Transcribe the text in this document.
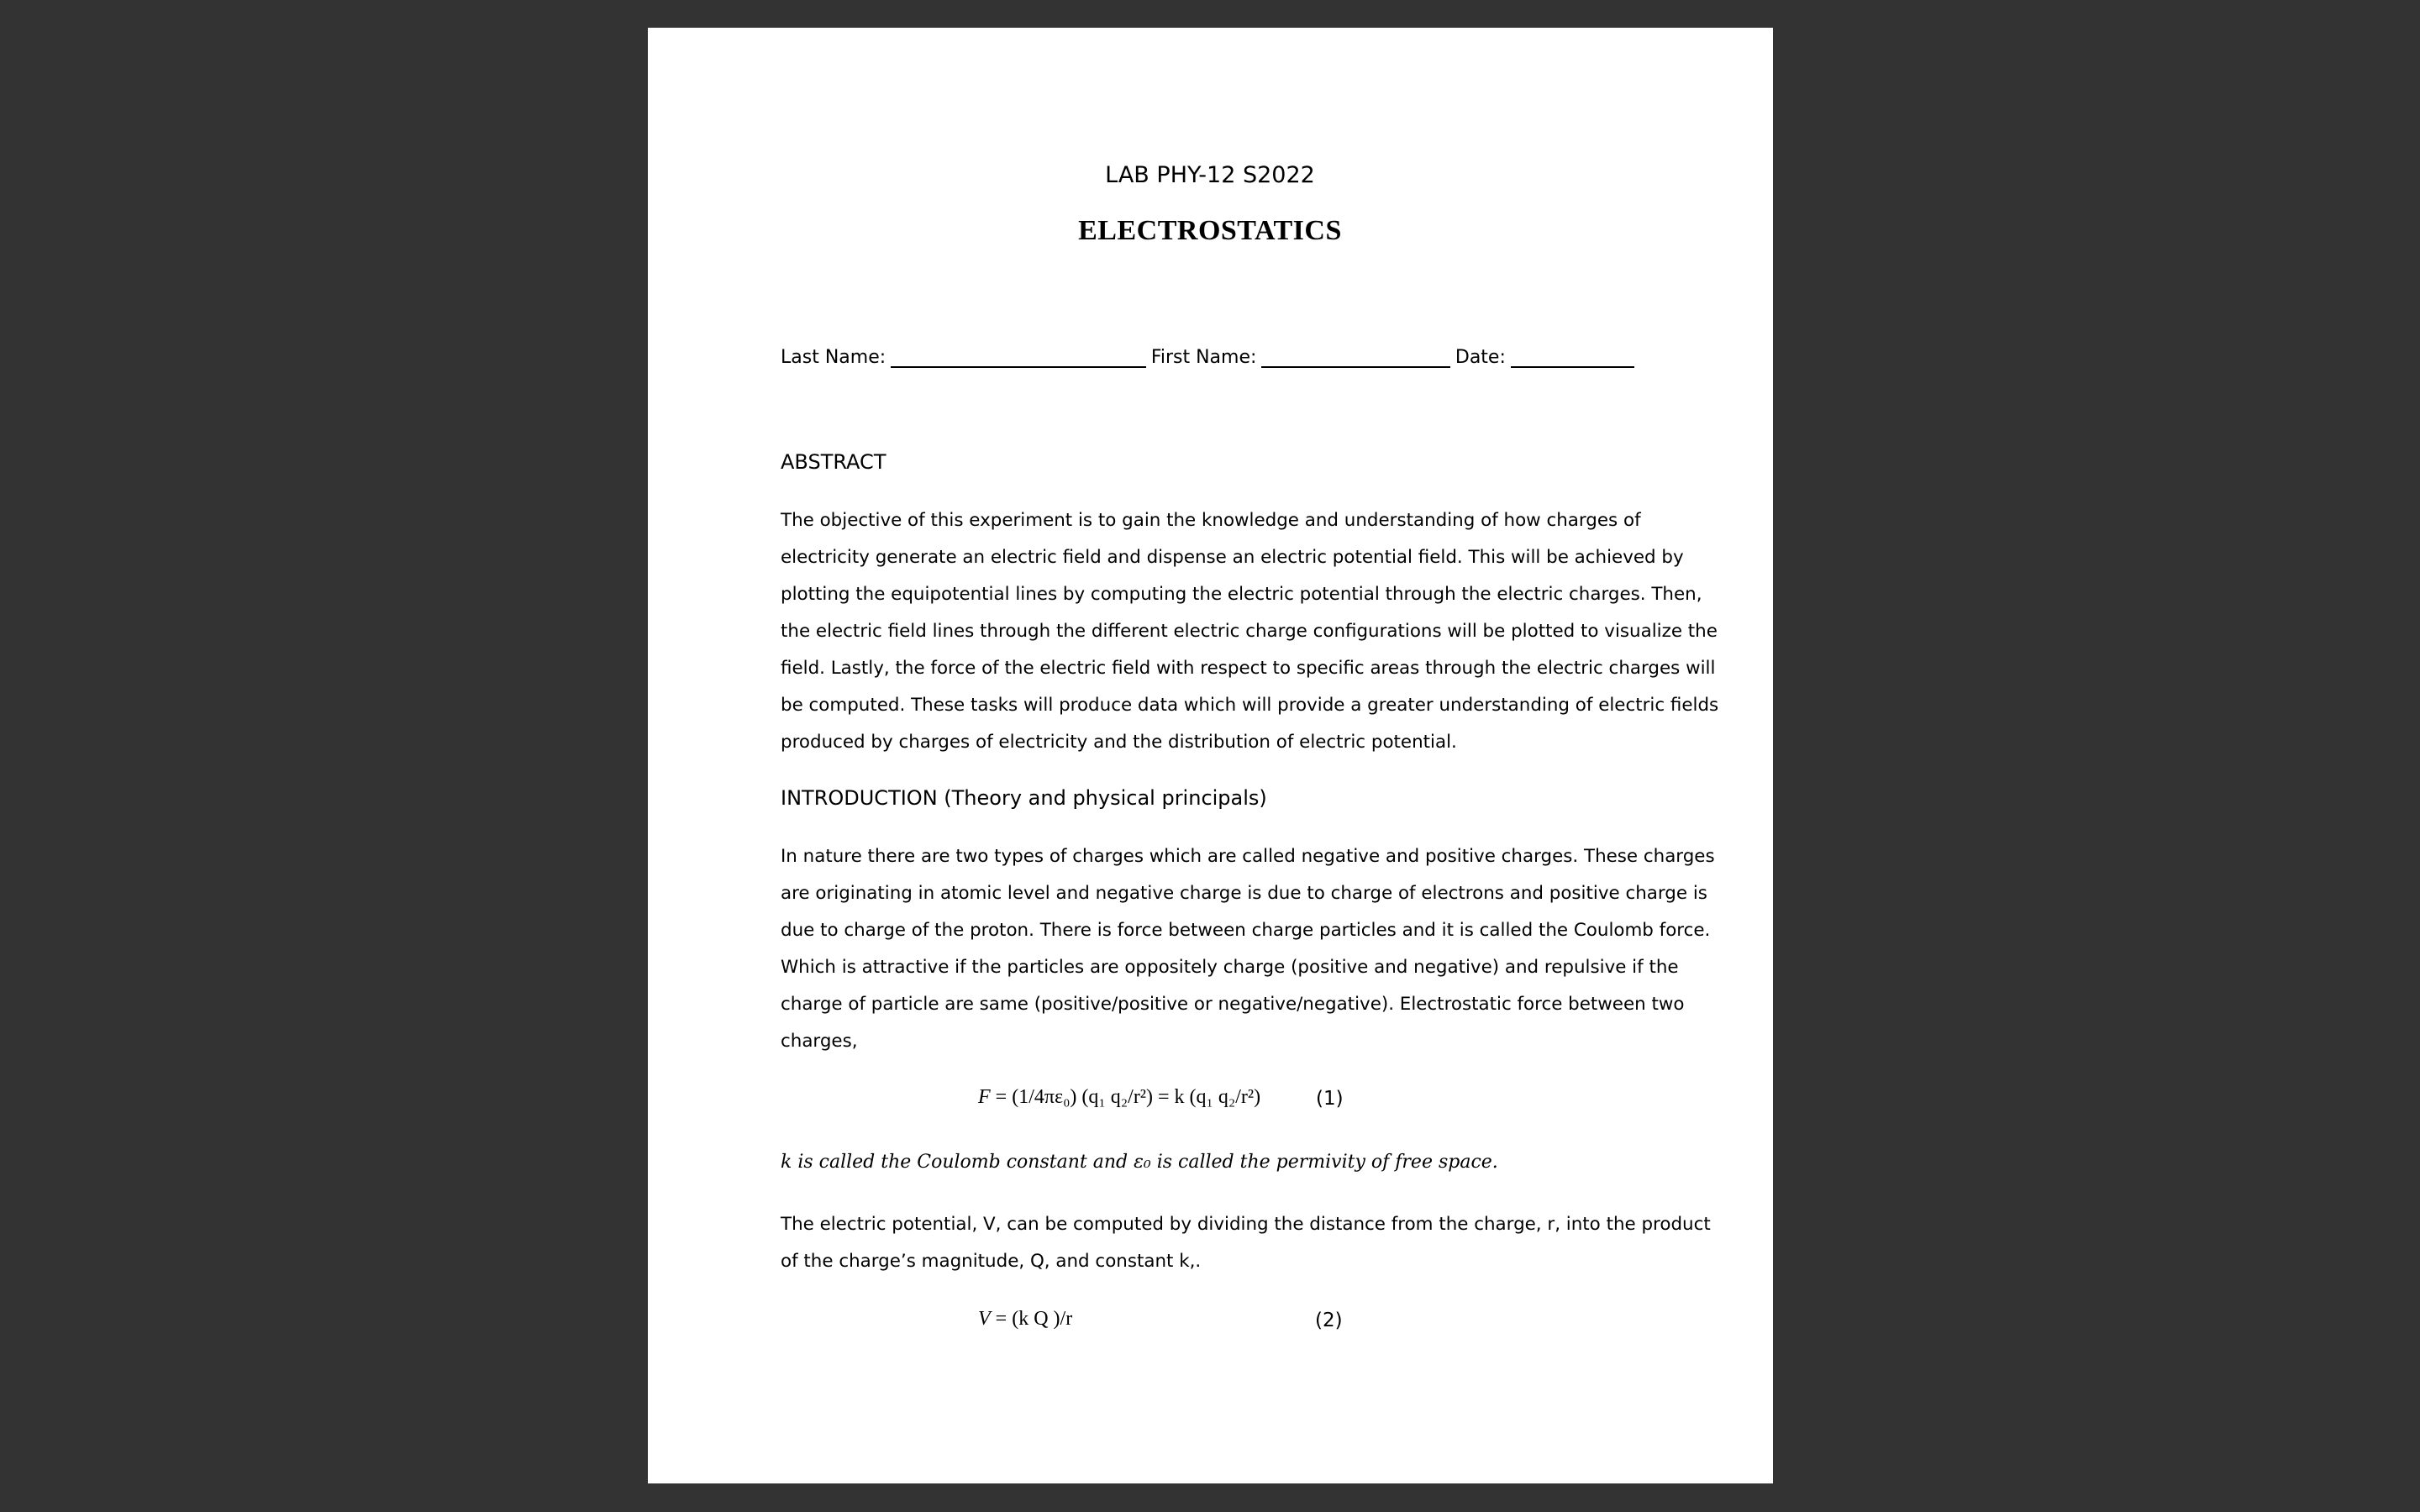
LAB PHY-12 S2022
ELECTROSTATICS
Last Name:	First Name:	Date:
ABSTRACT
The objective of this experiment is to gain the knowledge and understanding of how charges of
electricity generate an electric field and dispense an electric potential field. This will be achieved by
plotting the equipotential lines by computing the electric potential through the electric charges. Then,
the electric field lines through the different electric charge configurations will be plotted to visualize the
field. Lastly, the force of the electric field with respect to specific areas through the electric charges will
be computed. These tasks will produce data which will provide a greater understanding of electric fields
produced by charges of electricity and the distribution of electric potential.
INTRODUCTION (Theory and physical principals)
In nature there are two types of charges which are called negative and positive charges. These charges
are originating in atomic level and negative charge is due to charge of electrons and positive charge is
due to charge of the proton. There is force between charge particles and it is called the Coulomb force.
Which is attractive if the particles are oppositely charge (positive and negative) and repulsive if the
charge of particle are same (positive/positive or negative/negative). Electrostatic force between two
charges,
F = (1/4πε₀) (q₁ q₂/r²) = k (q₁ q₂/r²)	(1)
k is called the Coulomb constant and ε₀ is called the permivity of free space.
The electric potential, V, can be computed by dividing the distance from the charge, r, into the product
of the charge’s magnitude, Q, and constant k,.
V = (k Q )/r	(2)
